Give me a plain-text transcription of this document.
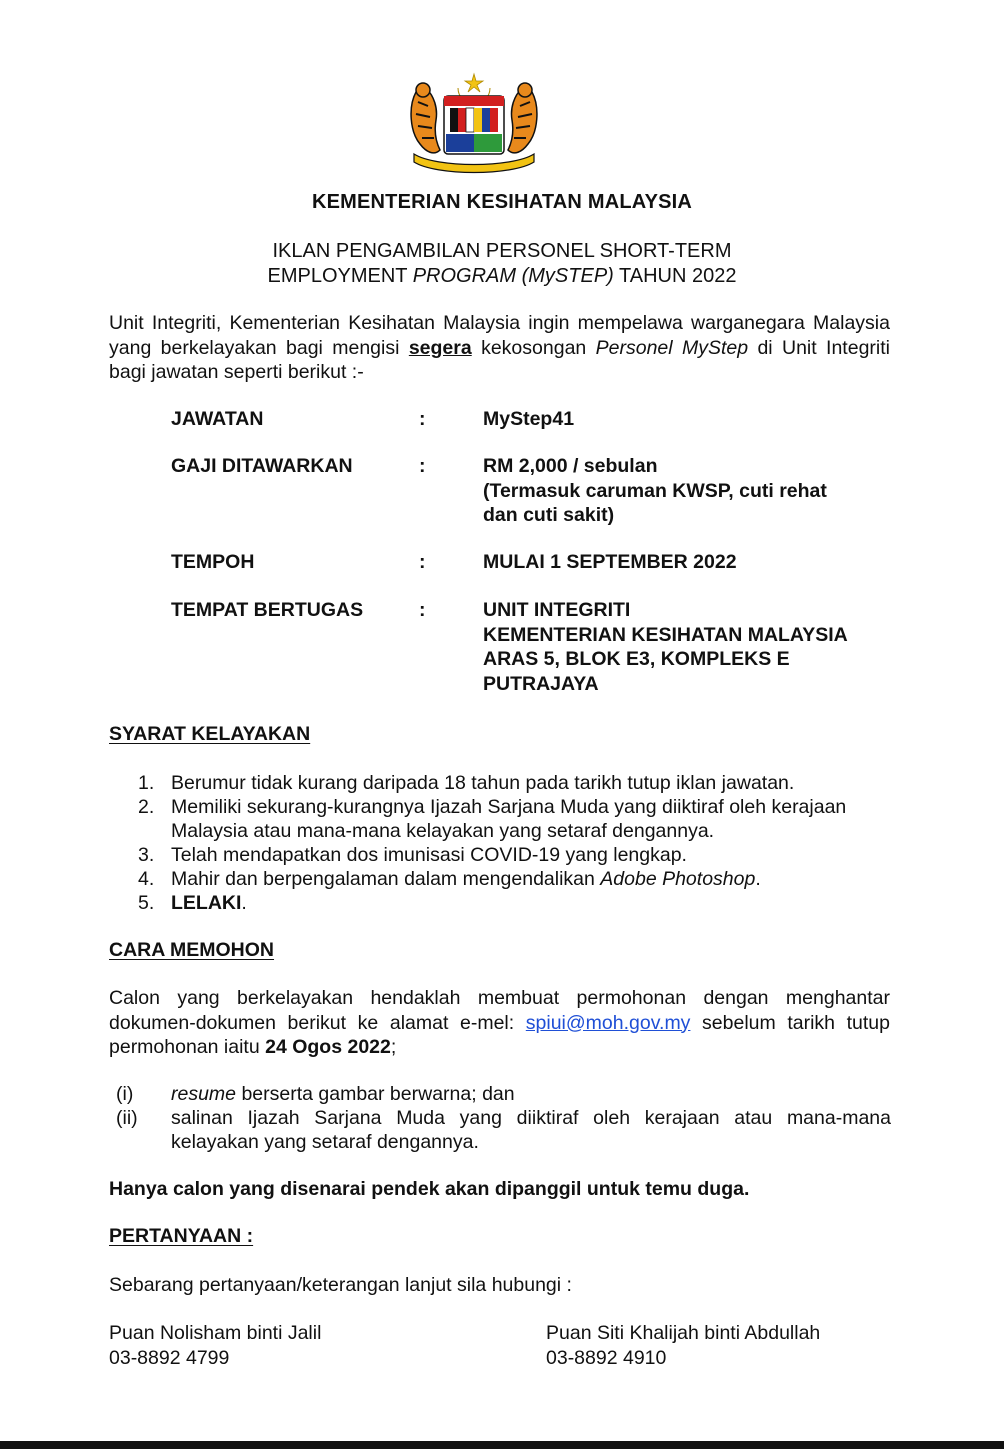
KEMENTERIAN KESIHATAN MALAYSIA
IKLAN PENGAMBILAN PERSONEL SHORT-TERM
EMPLOYMENT PROGRAM (MySTEP) TAHUN 2022
Unit Integriti, Kementerian Kesihatan Malaysia ingin mempelawa warganegara Malaysia yang berkelayakan bagi mengisi segera kekosongan Personel MyStep di Unit Integriti bagi jawatan seperti berikut :-
JAWATAN	:	MyStep41
GAJI DITAWARKAN	:	RM 2,000 / sebulan
(Termasuk caruman KWSP, cuti rehat
dan cuti sakit)
TEMPOH	:	MULAI 1 SEPTEMBER 2022
TEMPAT BERTUGAS	:	UNIT INTEGRITI
KEMENTERIAN KESIHATAN MALAYSIA
ARAS 5, BLOK E3, KOMPLEKS E
PUTRAJAYA
SYARAT KELAYAKAN
1. Berumur tidak kurang daripada 18 tahun pada tarikh tutup iklan jawatan.
2. Memiliki sekurang-kurangnya Ijazah Sarjana Muda yang diiktiraf oleh kerajaan Malaysia atau mana-mana kelayakan yang setaraf dengannya.
3. Telah mendapatkan dos imunisasi COVID-19 yang lengkap.
4. Mahir dan berpengalaman dalam mengendalikan Adobe Photoshop.
5. LELAKI.
CARA MEMOHON
Calon yang berkelayakan hendaklah membuat permohonan dengan menghantar dokumen-dokumen berikut ke alamat e-mel: spiui@moh.gov.my sebelum tarikh tutup permohonan iaitu 24 Ogos 2022;
(i) resume berserta gambar berwarna; dan
(ii) salinan Ijazah Sarjana Muda yang diiktiraf oleh kerajaan atau mana-mana kelayakan yang setaraf dengannya.
Hanya calon yang disenarai pendek akan dipanggil untuk temu duga.
PERTANYAAN :
Sebarang pertanyaan/keterangan lanjut sila hubungi :
Puan Nolisham binti Jalil
03-8892 4799
Puan Siti Khalijah binti Abdullah
03-8892 4910
